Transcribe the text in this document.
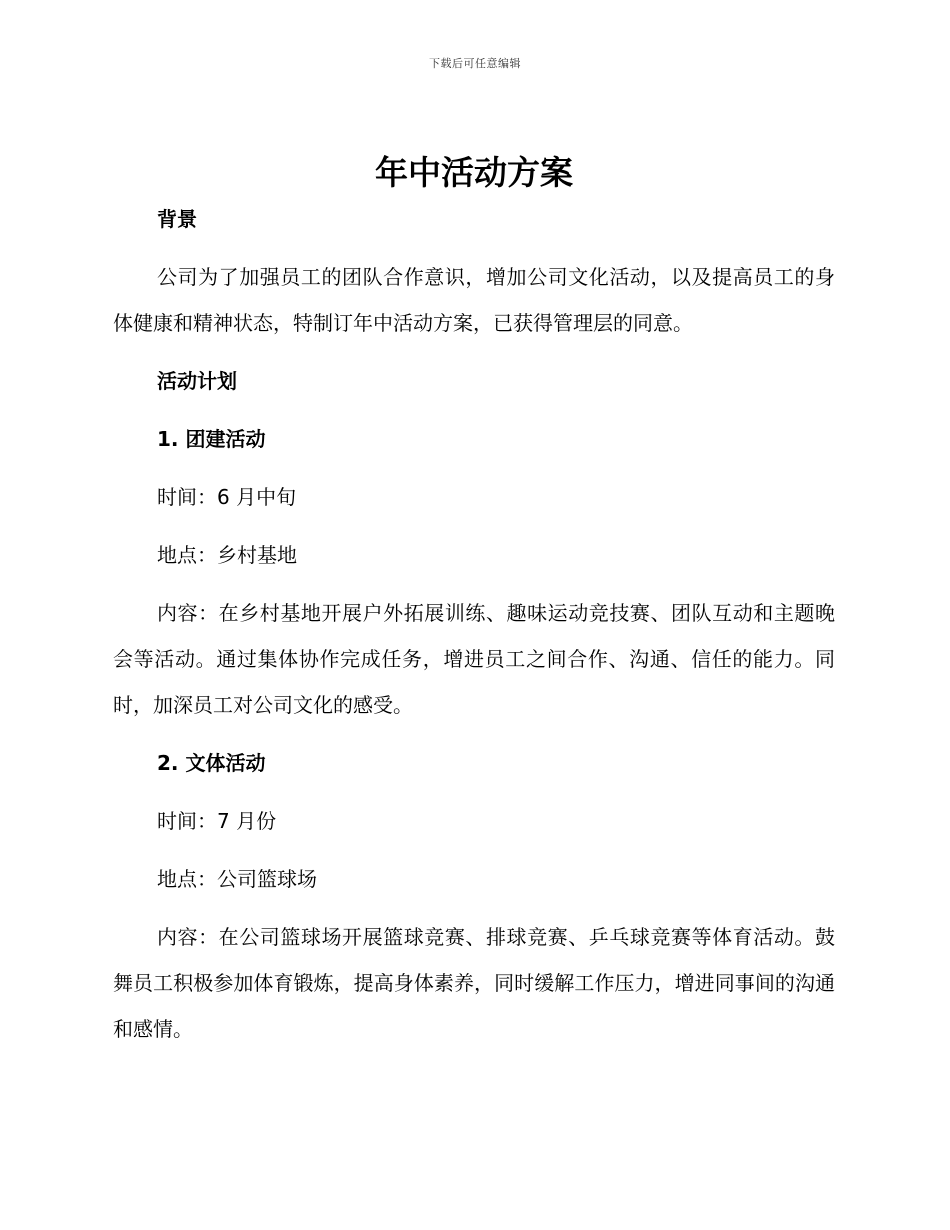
下载后可任意编辑
年中活动方案

背景

公司为了加强员工的团队合作意识，增加公司文化活动，以及提高员工的身体健康和精神状态，特制订年中活动方案，已获得管理层的同意。

活动计划

1. 团建活动

时间：6 月中旬

地点：乡村基地

内容：在乡村基地开展户外拓展训练、趣味运动竞技赛、团队互动和主题晚会等活动。通过集体协作完成任务，增进员工之间合作、沟通、信任的能力。同时，加深员工对公司文化的感受。

2. 文体活动

时间：7 月份

地点：公司篮球场

内容：在公司篮球场开展篮球竞赛、排球竞赛、乒乓球竞赛等体育活动。鼓舞员工积极参加体育锻炼，提高身体素养，同时缓解工作压力，增进同事间的沟通和感情。
